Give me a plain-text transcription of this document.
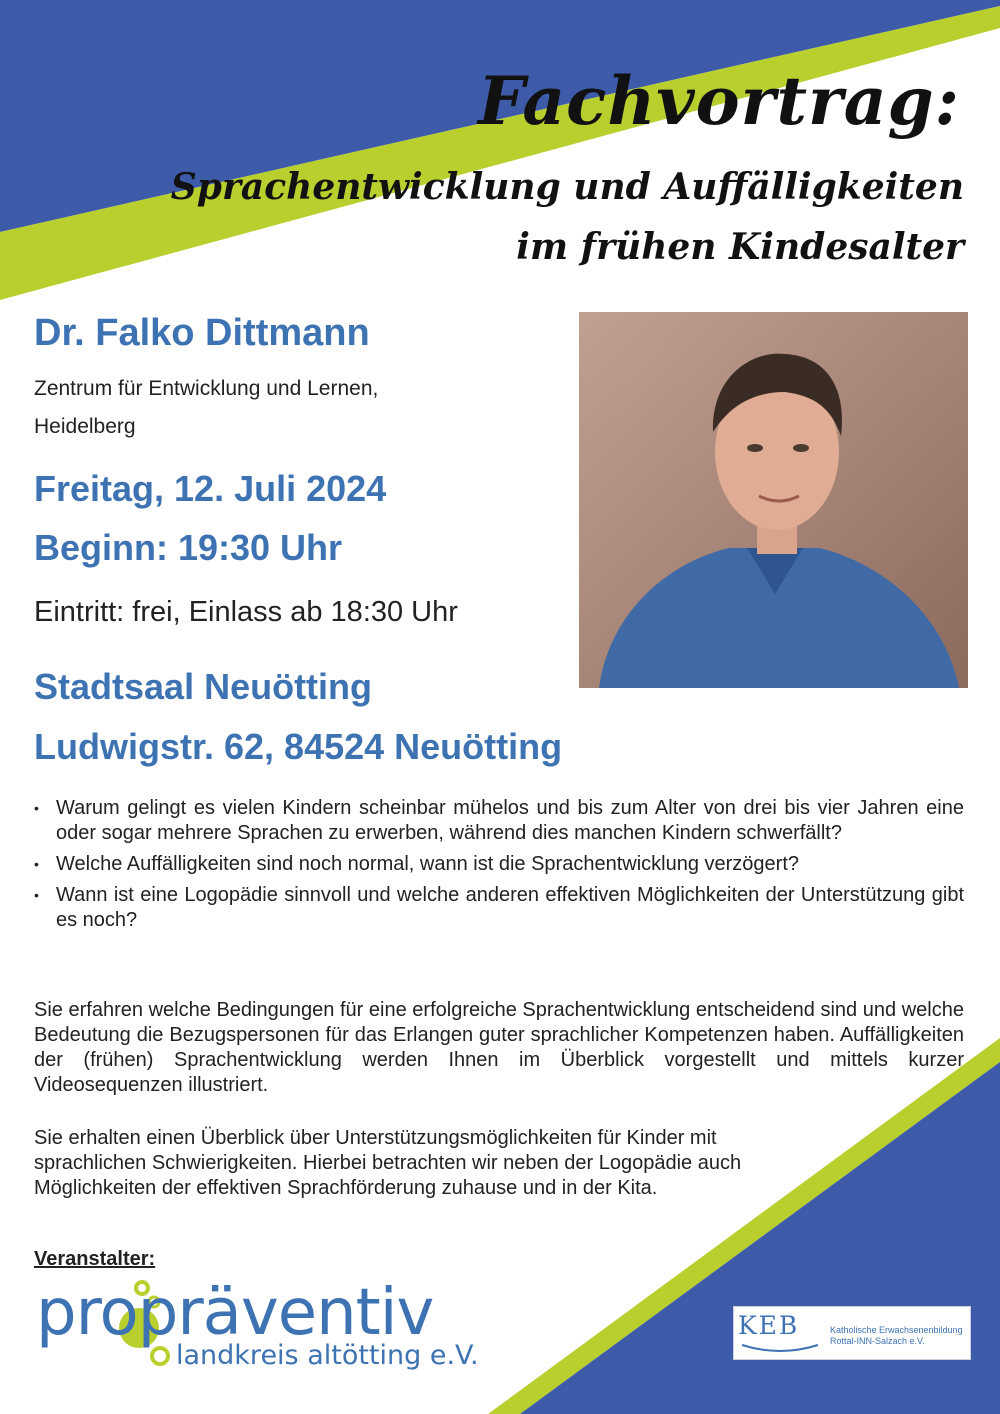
Fachvortrag:
Sprachentwicklung und Auffälligkeiten
im frühen Kindesalter
Dr. Falko Dittmann
Zentrum für Entwicklung und Lernen,
Heidelberg
Freitag, 12. Juli 2024
Beginn: 19:30 Uhr
Eintritt: frei, Einlass ab 18:30 Uhr
Stadtsaal Neuötting
Ludwigstr. 62, 84524 Neuötting
• Warum gelingt es vielen Kindern scheinbar mühelos und bis zum Alter von drei bis vier Jahren eine oder sogar mehrere Sprachen zu erwerben, während dies manchen Kindern schwerfällt?
• Welche Auffälligkeiten sind noch normal, wann ist die Sprachentwicklung verzögert?
• Wann ist eine Logopädie sinnvoll und welche anderen effektiven Möglichkeiten der Unterstützung gibt es noch?

Sie erfahren welche Bedingungen für eine erfolgreiche Sprachentwicklung entscheidend sind und welche Bedeutung die Bezugspersonen für das Erlangen guter sprachlicher Kompetenzen haben. Auffälligkeiten der (frühen) Sprachentwicklung werden Ihnen im Überblick vorgestellt und mittels kurzer Videosequenzen illustriert.

Sie erhalten einen Überblick über Unterstützungsmöglichkeiten für Kinder mit sprachlichen Schwierigkeiten. Hierbei betrachten wir neben der Logopädie auch Möglichkeiten der effektiven Sprachförderung zuhause und in der Kita.

Veranstalter:
propräventiv
landkreis altötting e.V.
KEB	Katholische Erwachsenenbildung
Rottal-INN-Salzach e.V.
